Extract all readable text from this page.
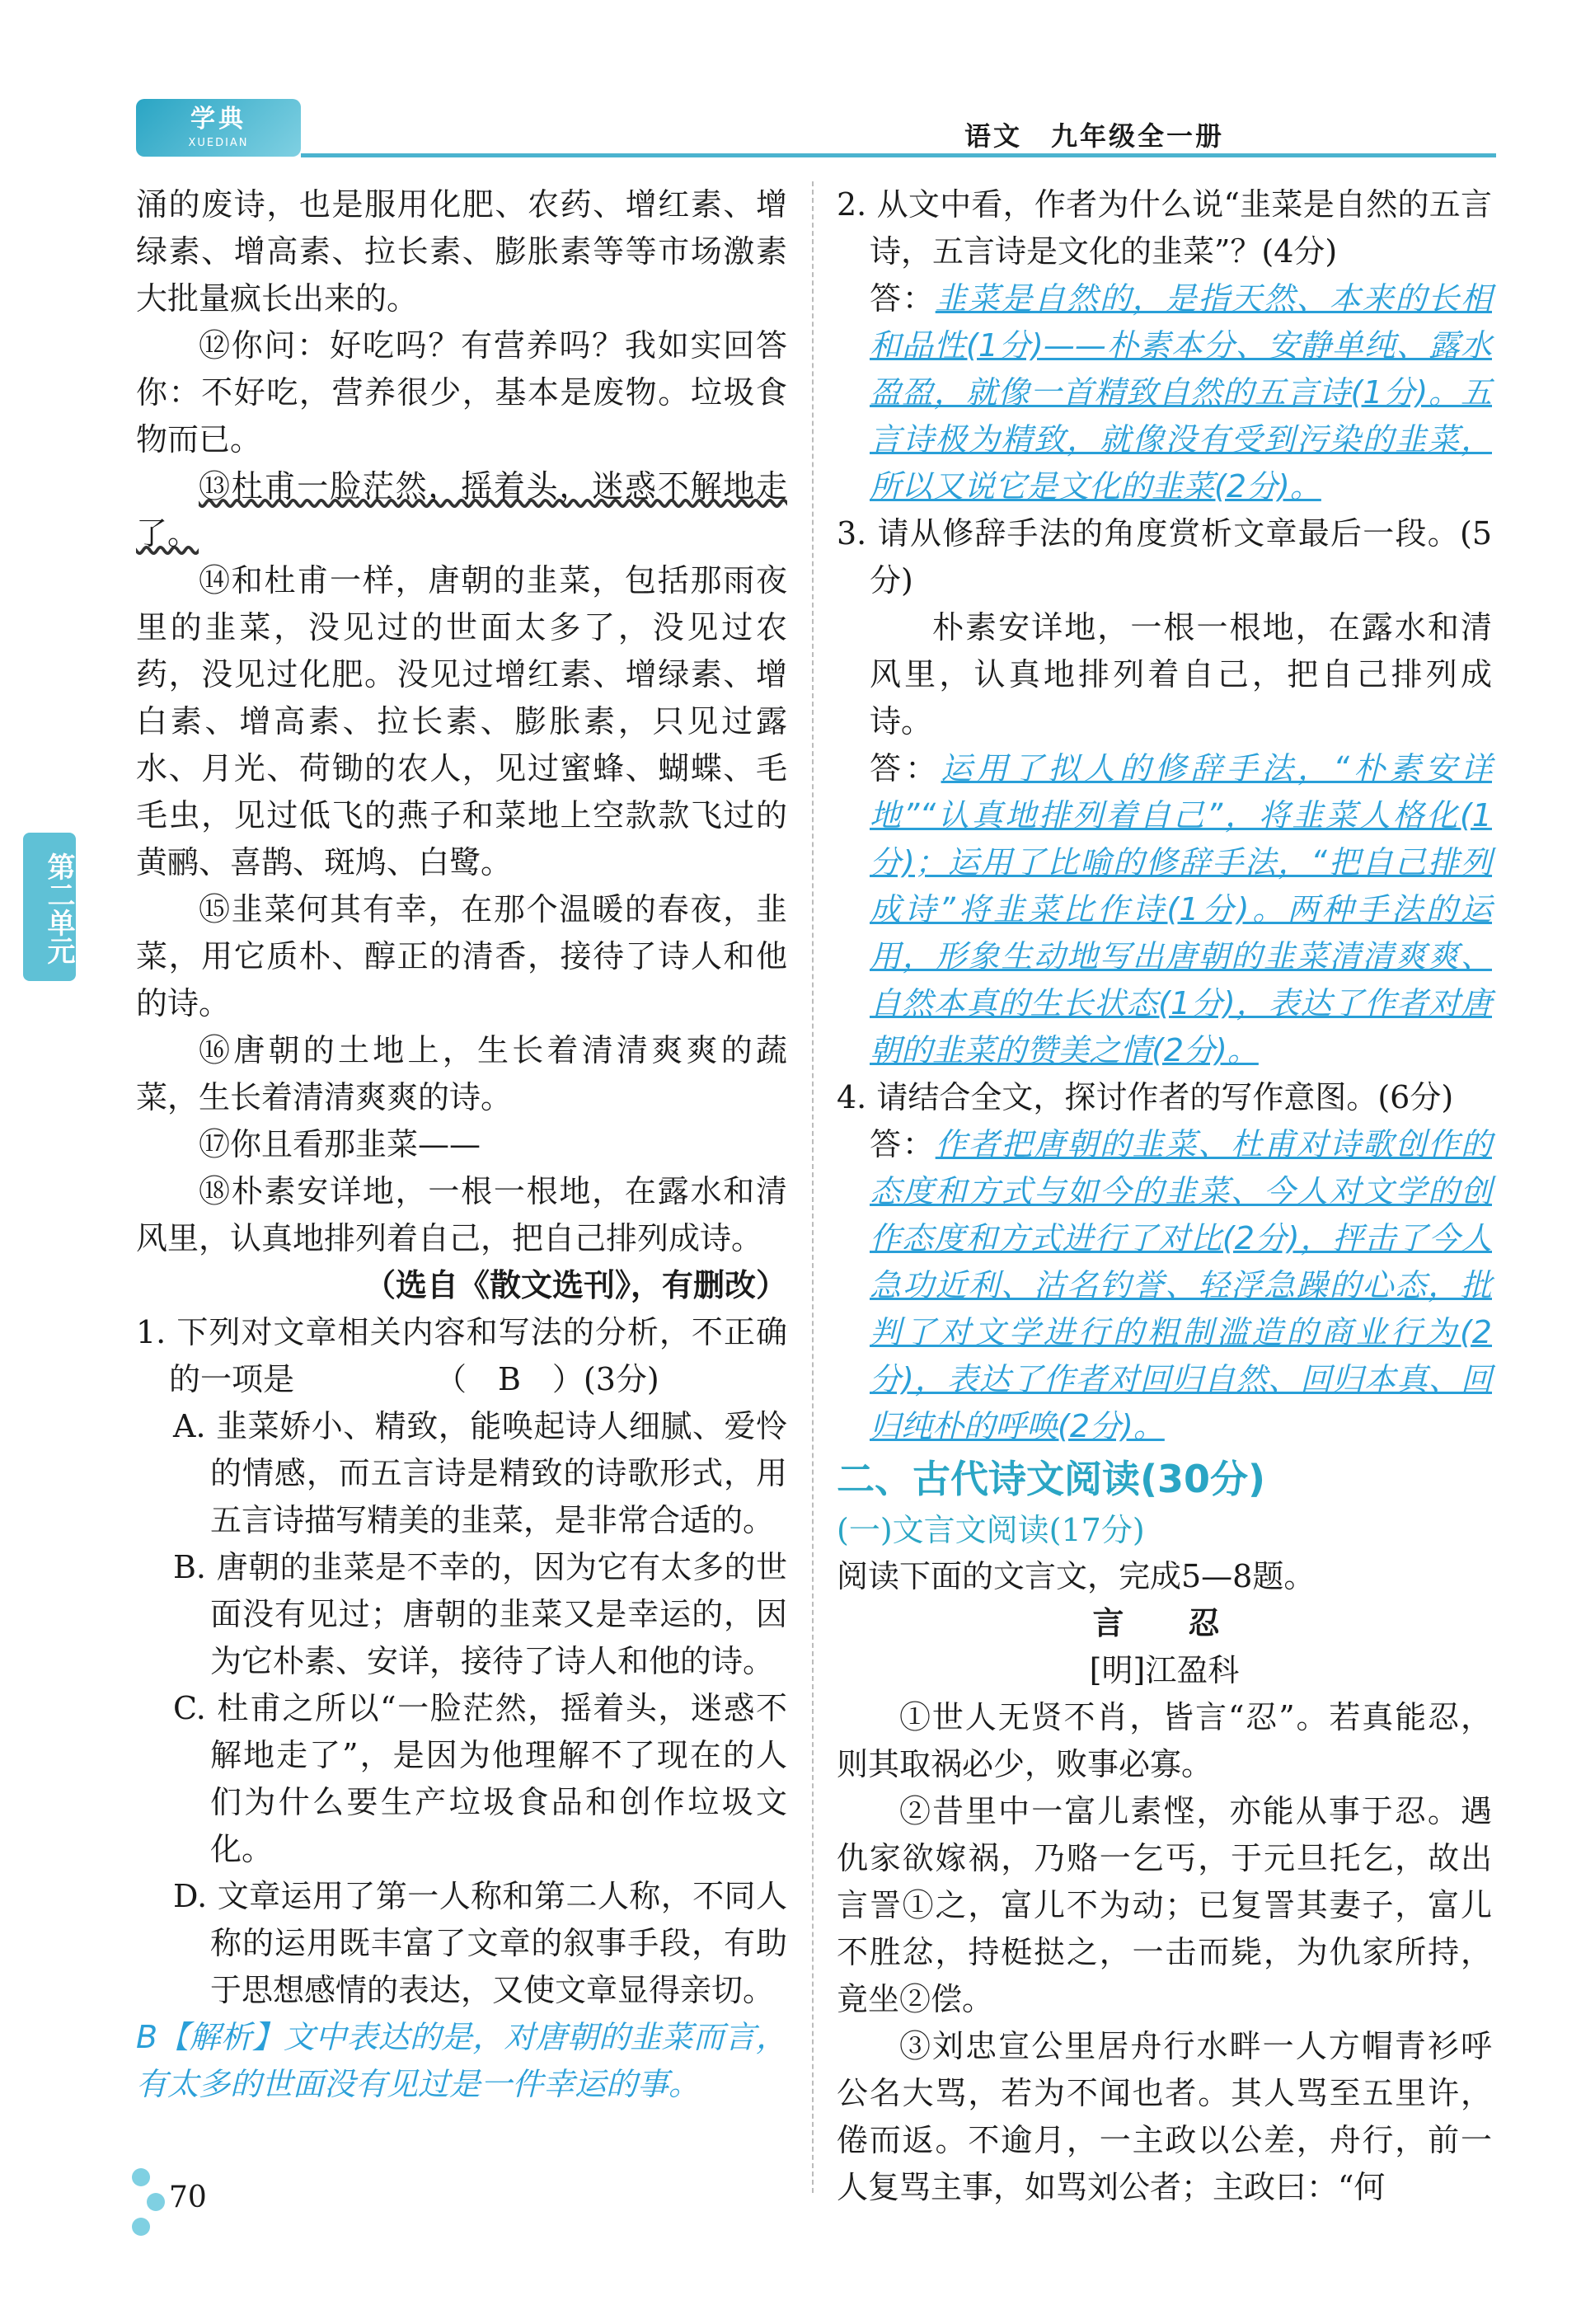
学典
XUEDIAN	语文　九年级全一册
第二单元

涌的废诗，也是服用化肥、农药、增红素、增绿素、增高素、拉长素、膨胀素等等市场激素大批量疯长出来的。

⑫你问：好吃吗？有营养吗？我如实回答你：不好吃，营养很少，基本是废物。垃圾食物而已。

⑬杜甫一脸茫然，摇着头，迷惑不解地走了。

⑭和杜甫一样，唐朝的韭菜，包括那雨夜里的韭菜，没见过的世面太多了，没见过农药，没见过化肥。没见过增红素、增绿素、增白素、增高素、拉长素、膨胀素，只见过露水、月光、荷锄的农人，见过蜜蜂、蝴蝶、毛毛虫，见过低飞的燕子和菜地上空款款飞过的黄鹂、喜鹊、斑鸠、白鹭。

⑮韭菜何其有幸，在那个温暖的春夜，韭菜，用它质朴、醇正的清香，接待了诗人和他的诗。

⑯唐朝的土地上，生长着清清爽爽的蔬菜，生长着清清爽爽的诗。

⑰你且看那韭菜——

⑱朴素安详地，一根一根地，在露水和清风里，认真地排列着自己，把自己排列成诗。

（选自《散文选刊》，有删改）

1. 下列对文章相关内容和写法的分析，不正确的一项是　　　　　（　B　）(3分)

A. 韭菜娇小、精致，能唤起诗人细腻、爱怜的情感，而五言诗是精致的诗歌形式，用五言诗描写精美的韭菜，是非常合适的。

B. 唐朝的韭菜是不幸的，因为它有太多的世面没有见过；唐朝的韭菜又是幸运的，因为它朴素、安详，接待了诗人和他的诗。

C. 杜甫之所以“一脸茫然，摇着头，迷惑不解地走了”，是因为他理解不了现在的人们为什么要生产垃圾食品和创作垃圾文化。

D. 文章运用了第一人称和第二人称，不同人称的运用既丰富了文章的叙事手段，有助于思想感情的表达，又使文章显得亲切。

B【解析】文中表达的是，对唐朝的韭菜而言，有太多的世面没有见过是一件幸运的事。

2. 从文中看，作者为什么说“韭菜是自然的五言诗，五言诗是文化的韭菜”？(4分)

答：韭菜是自然的，是指天然、本来的长相和品性(1分)——朴素本分、安静单纯、露水盈盈，就像一首精致自然的五言诗(1分)。五言诗极为精致，就像没有受到污染的韭菜，所以又说它是文化的韭菜(2分)。

3. 请从修辞手法的角度赏析文章最后一段。(5分)

朴素安详地，一根一根地，在露水和清风里，认真地排列着自己，把自己排列成诗。

答：运用了拟人的修辞手法，“朴素安详地”“认真地排列着自己”，将韭菜人格化(1分)；运用了比喻的修辞手法，“把自己排列成诗”将韭菜比作诗(1分)。两种手法的运用，形象生动地写出唐朝的韭菜清清爽爽、自然本真的生长状态(1分)，表达了作者对唐朝的韭菜的赞美之情(2分)。

4. 请结合全文，探讨作者的写作意图。(6分)

答：作者把唐朝的韭菜、杜甫对诗歌创作的态度和方式与如今的韭菜、今人对文学的创作态度和方式进行了对比(2分)，抨击了今人急功近利、沽名钓誉、轻浮急躁的心态，批判了对文学进行的粗制滥造的商业行为(2分)，表达了作者对回归自然、回归本真、回归纯朴的呼唤(2分)。

二、古代诗文阅读(30分)

(一)文言文阅读(17分)

阅读下面的文言文，完成5—8题。

言　忍

[明]江盈科

①世人无贤不肖，皆言“忍”。若真能忍，则其取祸必少，败事必寡。

②昔里中一富儿素悭，亦能从事于忍。遇仇家欲嫁祸，乃赂一乞丐，于元旦托乞，故出言詈①之，富儿不为动；已复詈其妻子，富儿不胜忿，持梃挞之，一击而毙，为仇家所持，竟坐②偿。

③刘忠宣公里居舟行水畔一人方帽青衫呼公名大骂，若为不闻也者。其人骂至五里许，倦而返。不逾月，一主政以公差，舟行，前一人复骂主事，如骂刘公者；主政曰：“何

70
